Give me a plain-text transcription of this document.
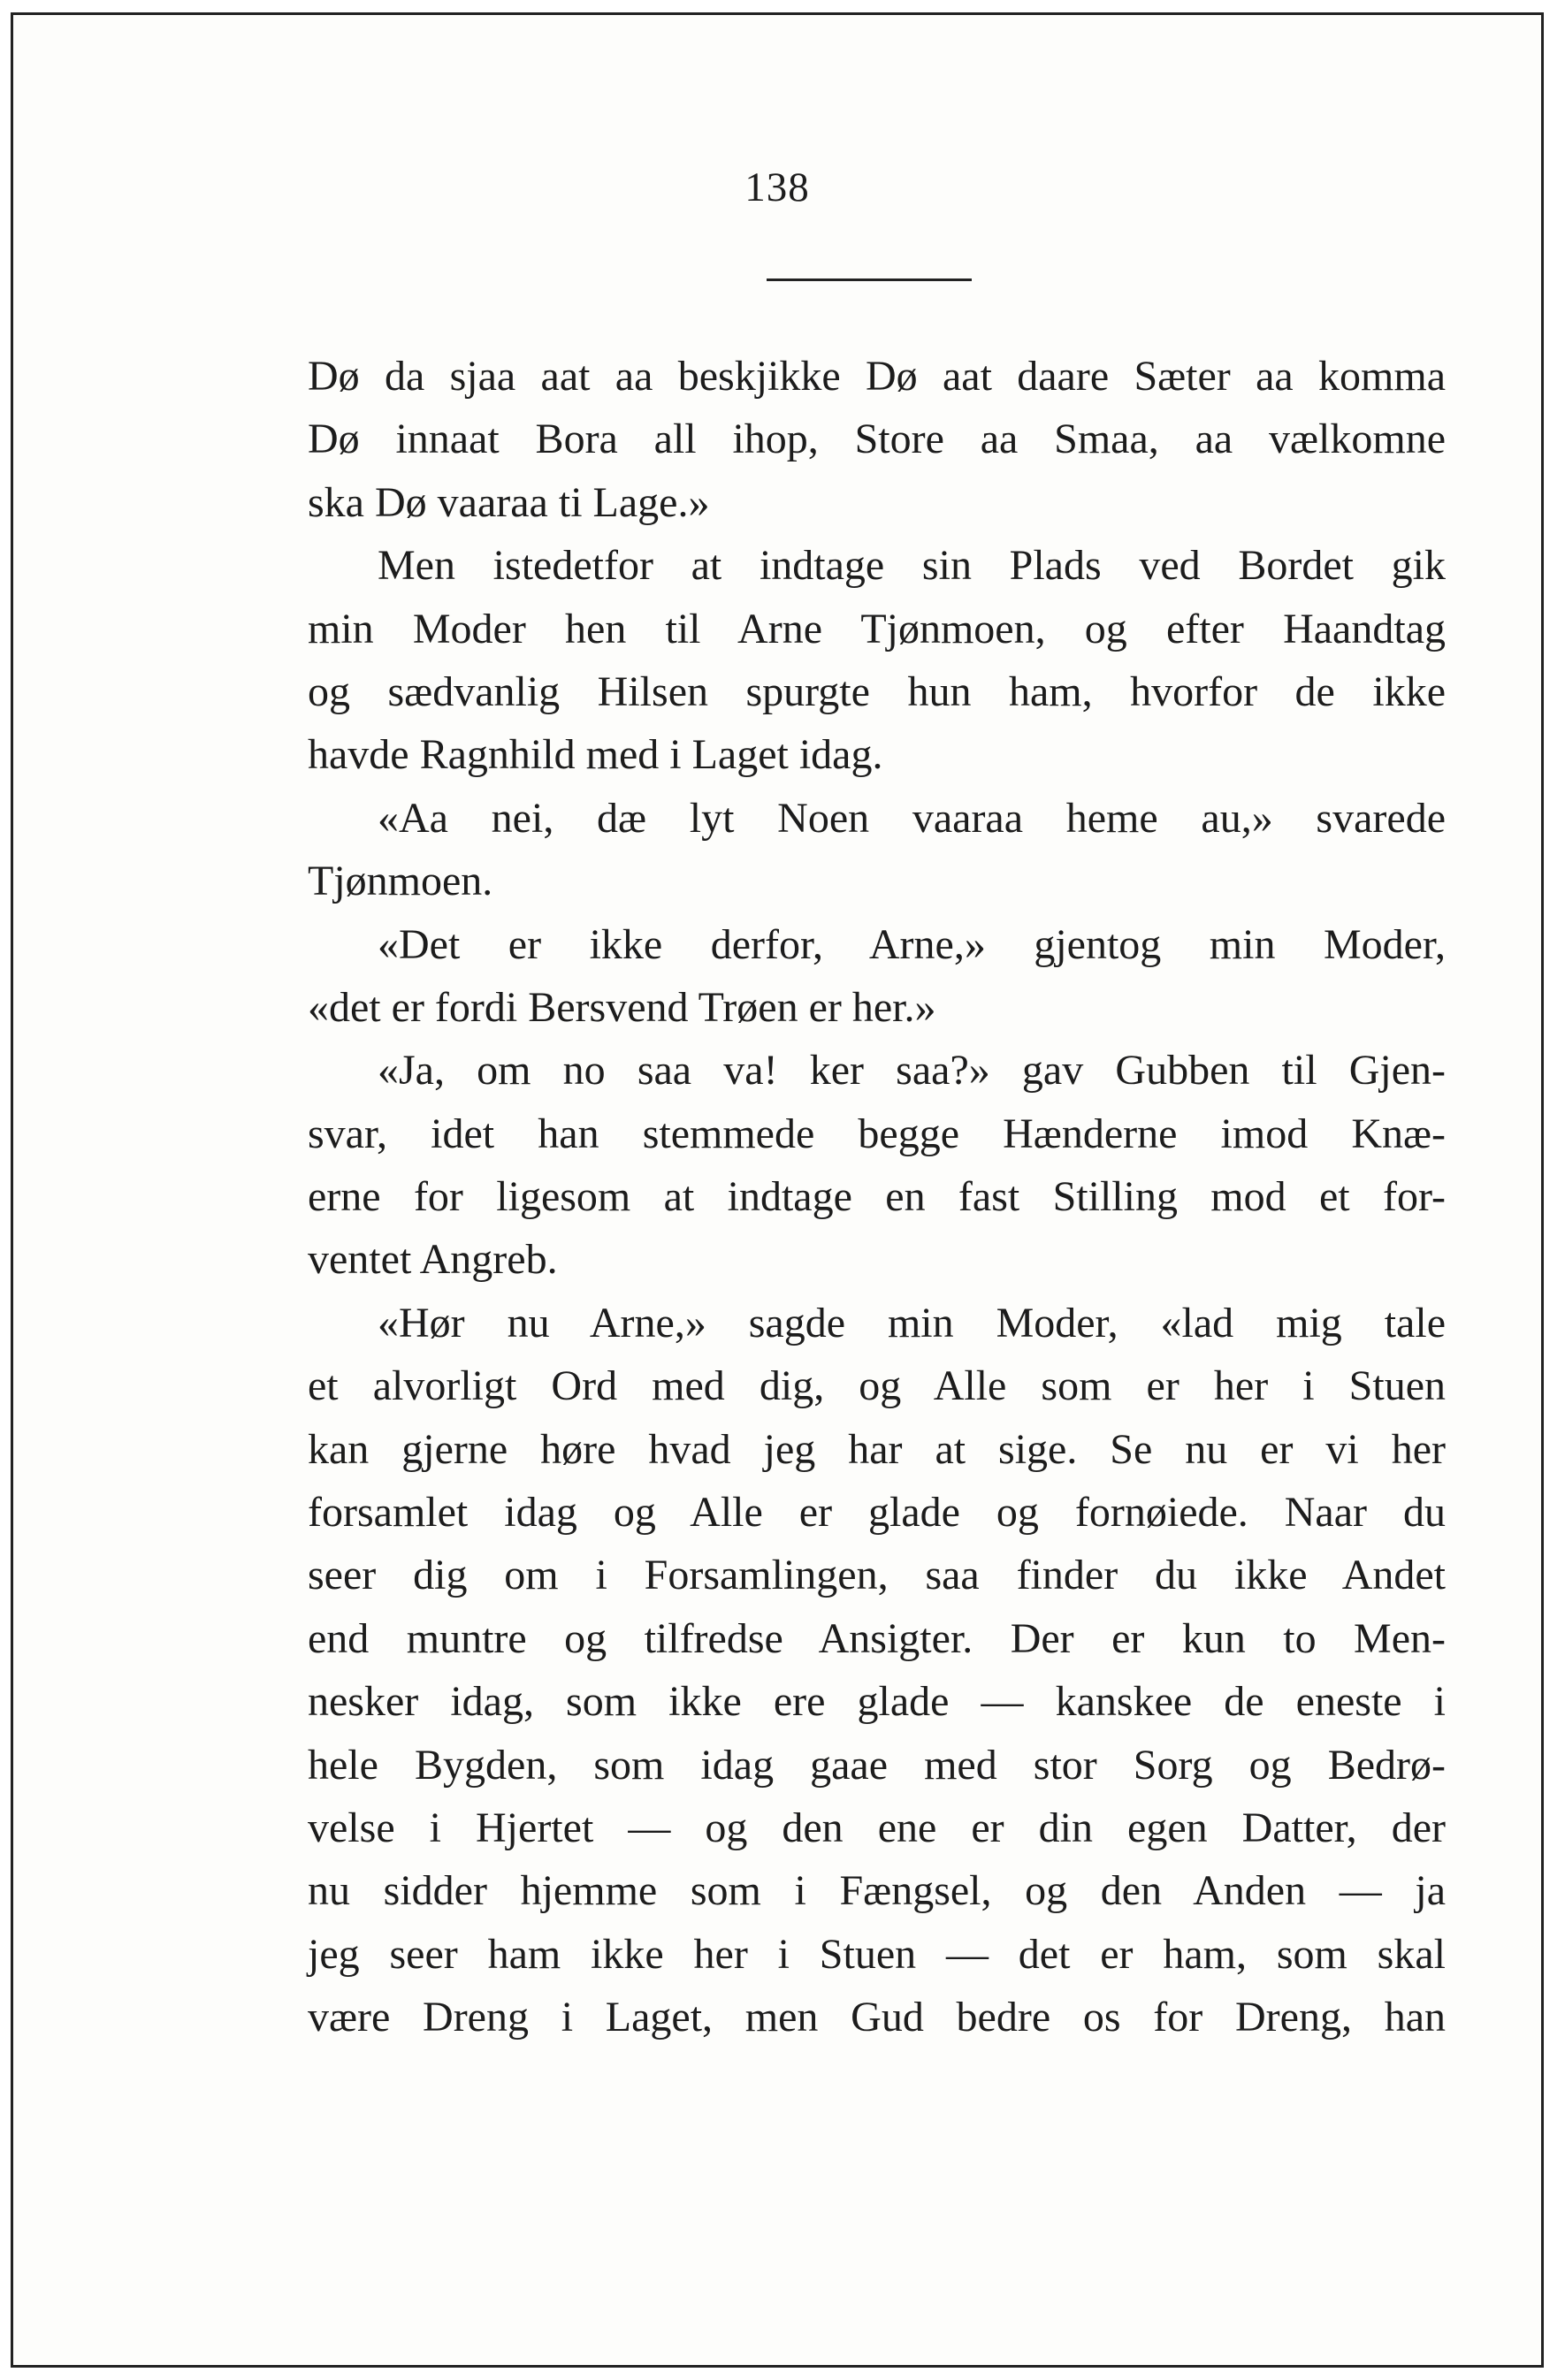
138
Dø da sjaa aat aa beskjikke Dø aat daare Sæter aa komma
Dø innaat Bora all ihop, Store aa Smaa, aa vælkomne
ska Dø vaaraa ti Lage.»
Men istedetfor at indtage sin Plads ved Bordet gik
min Moder hen til Arne Tjønmoen, og efter Haandtag
og sædvanlig Hilsen spurgte hun ham, hvorfor de ikke
havde Ragnhild med i Laget idag.
«Aa nei, dæ lyt Noen vaaraa heme au,» svarede
Tjønmoen.
«Det er ikke derfor, Arne,» gjentog min Moder,
«det er fordi Bersvend Trøen er her.»
«Ja, om no saa va! ker saa?» gav Gubben til Gjen-
svar, idet han stemmede begge Hænderne imod Knæ-
erne for ligesom at indtage en fast Stilling mod et for-
ventet Angreb.
«Hør nu Arne,» sagde min Moder, «lad mig tale
et alvorligt Ord med dig, og Alle som er her i Stuen
kan gjerne høre hvad jeg har at sige. Se nu er vi her
forsamlet idag og Alle er glade og fornøiede. Naar du
seer dig om i Forsamlingen, saa finder du ikke Andet
end muntre og tilfredse Ansigter. Der er kun to Men-
nesker idag, som ikke ere glade — kanskee de eneste i
hele Bygden, som idag gaae med stor Sorg og Bedrø-
velse i Hjertet — og den ene er din egen Datter, der
nu sidder hjemme som i Fængsel, og den Anden — ja
jeg seer ham ikke her i Stuen — det er ham, som skal
være Dreng i Laget, men Gud bedre os for Dreng, han
